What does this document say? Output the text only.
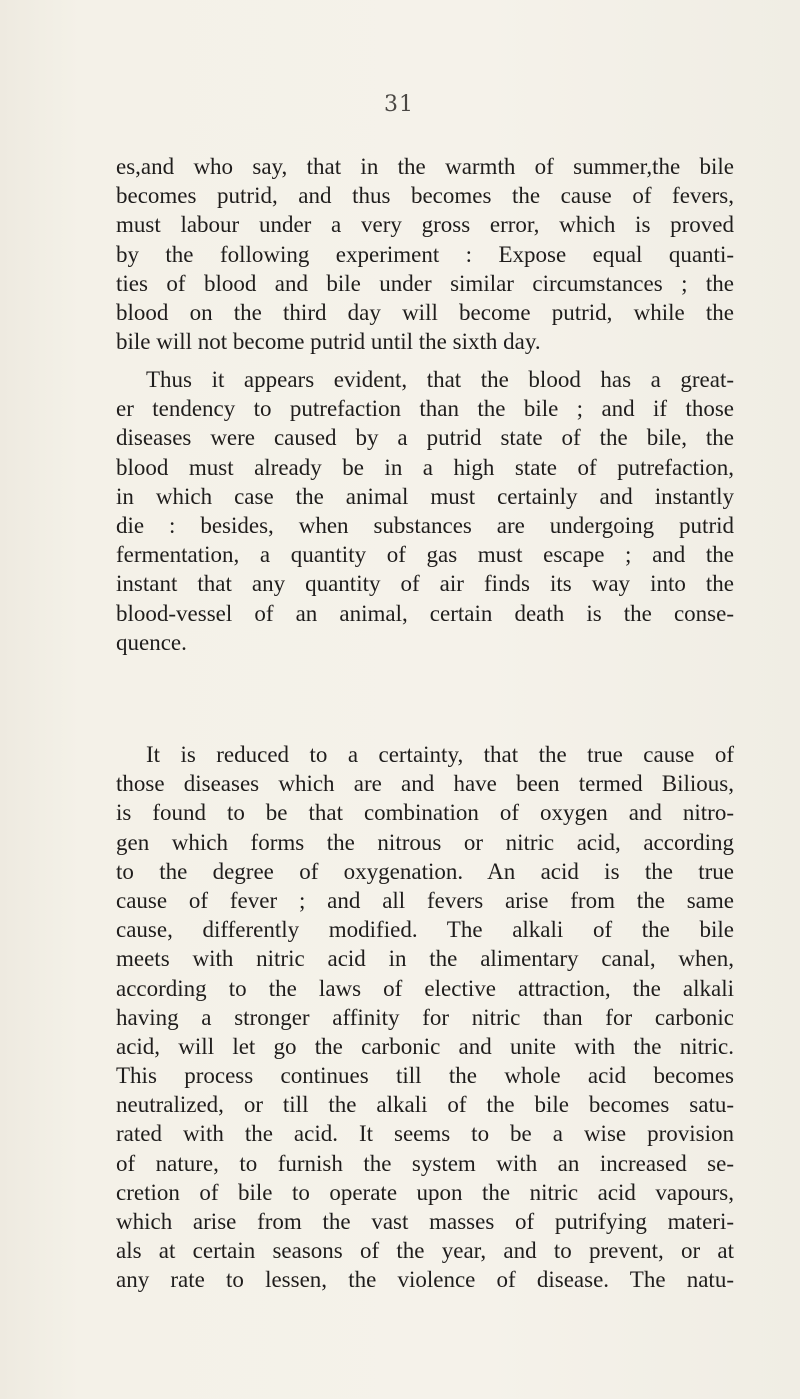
31
es,and who say, that in the warmth of summer,the bile
becomes putrid, and thus becomes the cause of fevers,
must labour under a very gross error, which is proved
by the following experiment : Expose equal quanti-
ties of blood and bile under similar circumstances ; the
blood on the third day will become putrid, while the
bile will not become putrid until the sixth day.
Thus it appears evident, that the blood has a great-
er tendency to putrefaction than the bile ; and if those
diseases were caused by a putrid state of the bile, the
blood must already be in a high state of putrefaction,
in which case the animal must certainly and instantly
die : besides, when substances are undergoing putrid
fermentation, a quantity of gas must escape ; and the
instant that any quantity of air finds its way into the
blood-vessel of an animal, certain death is the conse-
quence.
It is reduced to a certainty, that the true cause of
those diseases which are and have been termed Bilious,
is found to be that combination of oxygen and nitro-
gen which forms the nitrous or nitric acid, according
to the degree of oxygenation. An acid is the true
cause of fever ; and all fevers arise from the same
cause, differently modified. The alkali of the bile
meets with nitric acid in the alimentary canal, when,
according to the laws of elective attraction, the alkali
having a stronger affinity for nitric than for carbonic
acid, will let go the carbonic and unite with the nitric.
This process continues till the whole acid becomes
neutralized, or till the alkali of the bile becomes satu-
rated with the acid. It seems to be a wise provision
of nature, to furnish the system with an increased se-
cretion of bile to operate upon the nitric acid vapours,
which arise from the vast masses of putrifying materi-
als at certain seasons of the year, and to prevent, or at
any rate to lessen, the violence of disease. The natu-
